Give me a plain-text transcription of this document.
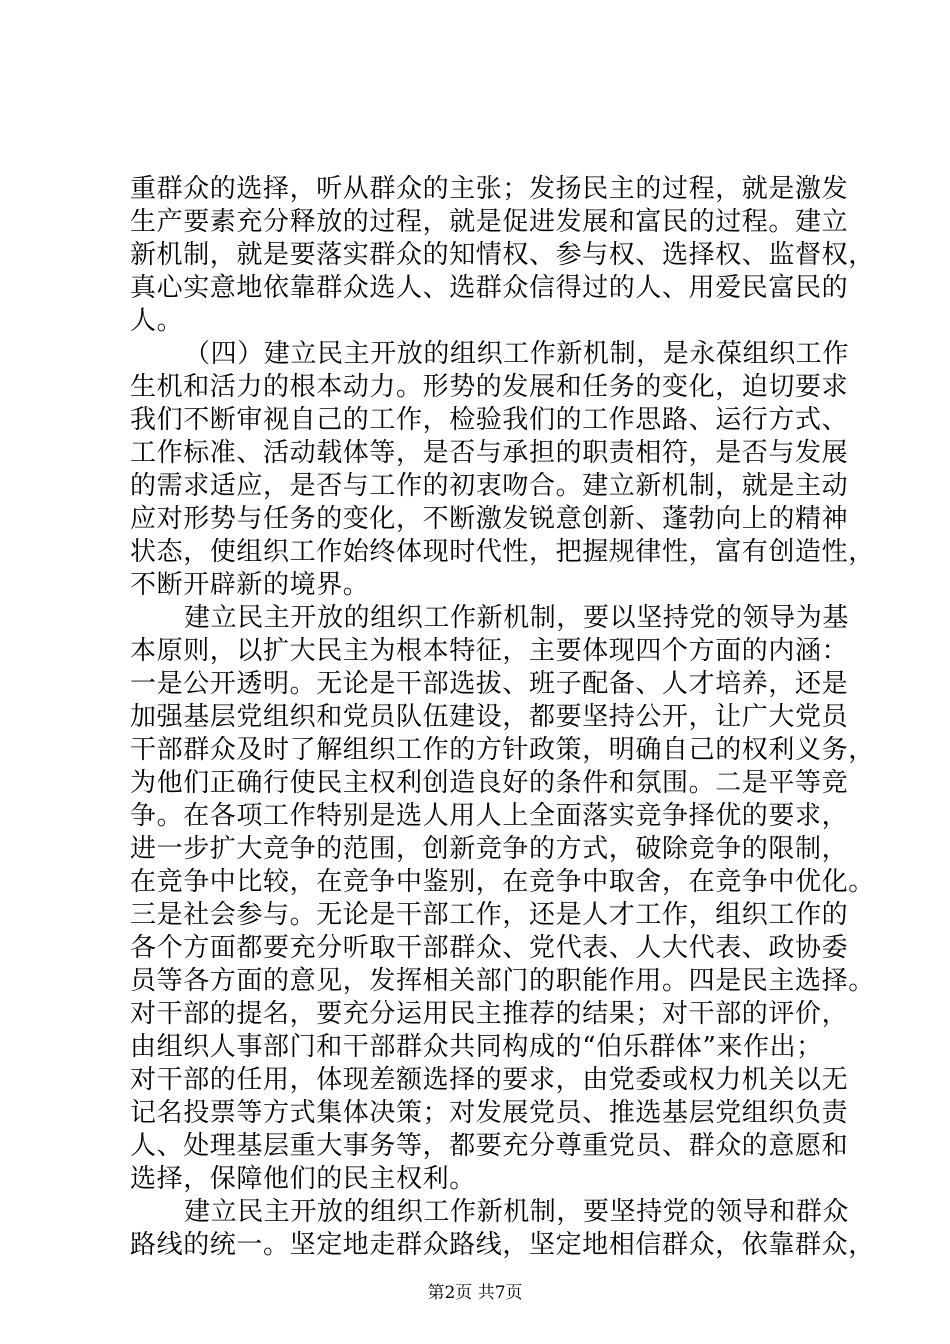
重群众的选择，听从群众的主张；发扬民主的过程，就是激发
生产要素充分释放的过程，就是促进发展和富民的过程。建立
新机制，就是要落实群众的知情权、参与权、选择权、监督权，
真心实意地依靠群众选人、选群众信得过的人、用爱民富民的
人。
（四）建立民主开放的组织工作新机制，是永葆组织工作
生机和活力的根本动力。形势的发展和任务的变化，迫切要求
我们不断审视自己的工作，检验我们的工作思路、运行方式、
工作标准、活动载体等，是否与承担的职责相符，是否与发展
的需求适应，是否与工作的初衷吻合。建立新机制，就是主动
应对形势与任务的变化，不断激发锐意创新、蓬勃向上的精神
状态，使组织工作始终体现时代性，把握规律性，富有创造性，
不断开辟新的境界。
建立民主开放的组织工作新机制，要以坚持党的领导为基
本原则，以扩大民主为根本特征，主要体现四个方面的内涵：
一是公开透明。无论是干部选拔、班子配备、人才培养，还是
加强基层党组织和党员队伍建设，都要坚持公开，让广大党员
干部群众及时了解组织工作的方针政策，明确自己的权利义务，
为他们正确行使民主权利创造良好的条件和氛围。二是平等竞
争。在各项工作特别是选人用人上全面落实竞争择优的要求，
进一步扩大竞争的范围，创新竞争的方式，破除竞争的限制，
在竞争中比较，在竞争中鉴别，在竞争中取舍，在竞争中优化。
三是社会参与。无论是干部工作，还是人才工作，组织工作的
各个方面都要充分听取干部群众、党代表、人大代表、政协委
员等各方面的意见，发挥相关部门的职能作用。四是民主选择。
对干部的提名，要充分运用民主推荐的结果；对干部的评价，
由组织人事部门和干部群众共同构成的“伯乐群体”来作出；
对干部的任用，体现差额选择的要求，由党委或权力机关以无
记名投票等方式集体决策；对发展党员、推选基层党组织负责
人、处理基层重大事务等，都要充分尊重党员、群众的意愿和
选择，保障他们的民主权利。
建立民主开放的组织工作新机制，要坚持党的领导和群众
路线的统一。坚定地走群众路线，坚定地相信群众，依靠群众，
第2页 共7页
